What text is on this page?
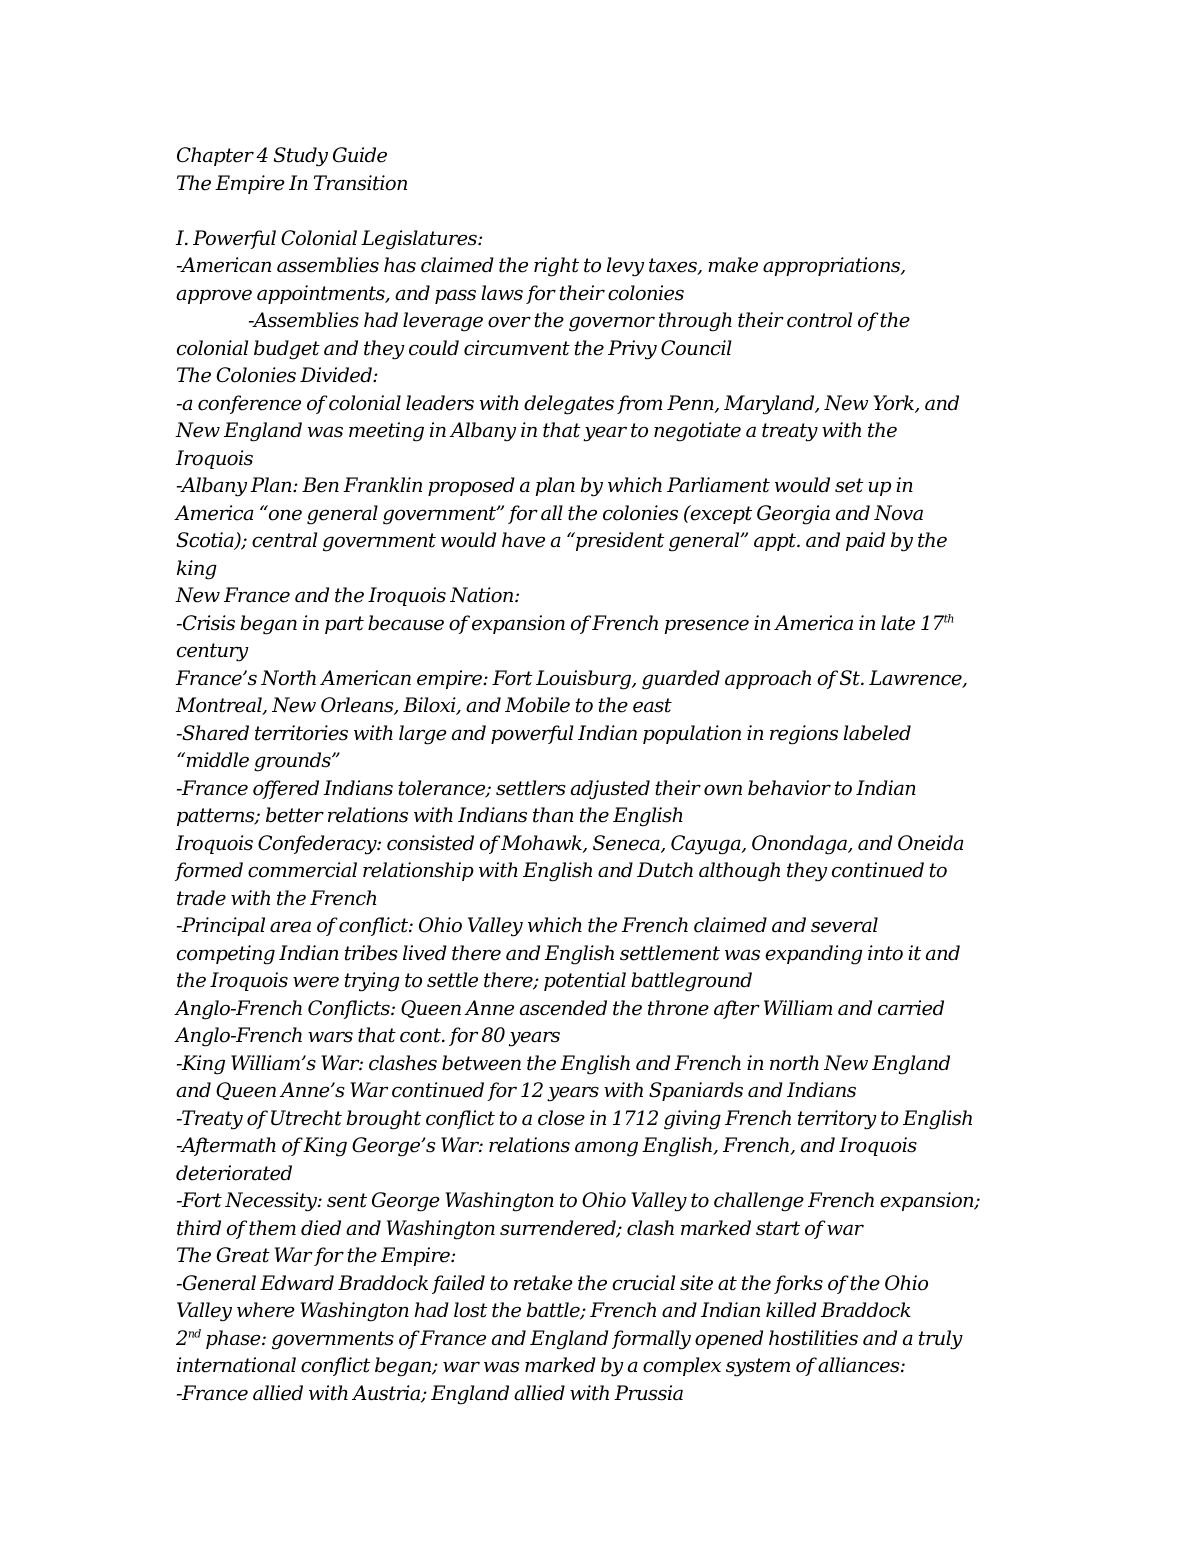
Chapter 4 Study Guide
The Empire In Transition
I. Powerful Colonial Legislatures:
-American assemblies has claimed the right to levy taxes, make appropriations,
approve appointments, and pass laws for their colonies
-Assemblies had leverage over the governor through their control of the
colonial budget and they could circumvent the Privy Council
The Colonies Divided:
-a conference of colonial leaders with delegates from Penn, Maryland, New York, and
New England was meeting in Albany in that year to negotiate a treaty with the
Iroquois
-Albany Plan: Ben Franklin proposed a plan by which Parliament would set up in
America “one general government” for all the colonies (except Georgia and Nova
Scotia); central government would have a “president general” appt. and paid by the
king
New France and the Iroquois Nation:
-Crisis began in part because of expansion of French presence in America in late 17th
century
France’s North American empire: Fort Louisburg, guarded approach of St. Lawrence,
Montreal, New Orleans, Biloxi, and Mobile to the east
-Shared territories with large and powerful Indian population in regions labeled
“middle grounds”
-France offered Indians tolerance; settlers adjusted their own behavior to Indian
patterns; better relations with Indians than the English
Iroquois Confederacy: consisted of Mohawk, Seneca, Cayuga, Onondaga, and Oneida
formed commercial relationship with English and Dutch although they continued to
trade with the French
-Principal area of conflict: Ohio Valley which the French claimed and several
competing Indian tribes lived there and English settlement was expanding into it and
the Iroquois were trying to settle there; potential battleground
Anglo-French Conflicts: Queen Anne ascended the throne after William and carried
Anglo-French wars that cont. for 80 years
-King William’s War: clashes between the English and French in north New England
and Queen Anne’s War continued for 12 years with Spaniards and Indians
-Treaty of Utrecht brought conflict to a close in 1712 giving French territory to English
-Aftermath of King George’s War: relations among English, French, and Iroquois
deteriorated
-Fort Necessity: sent George Washington to Ohio Valley to challenge French expansion;
third of them died and Washington surrendered; clash marked start of war
The Great War for the Empire:
-General Edward Braddock failed to retake the crucial site at the forks of the Ohio
Valley where Washington had lost the battle; French and Indian killed Braddock
2nd phase: governments of France and England formally opened hostilities and a truly
international conflict began; war was marked by a complex system of alliances:
-France allied with Austria; England allied with Prussia
